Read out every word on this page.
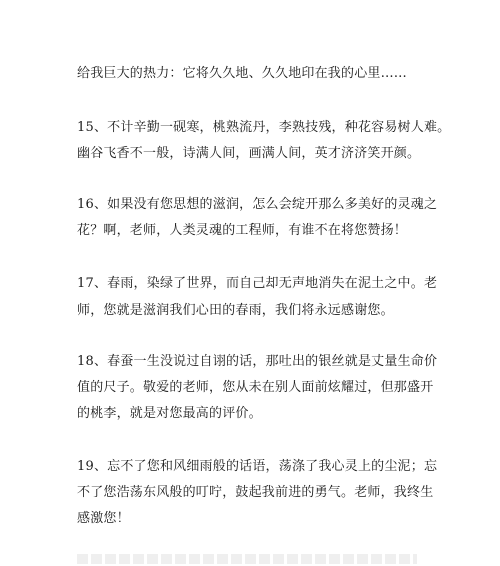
给我巨大的热力：它将久久地、久久地印在我的心里……
15、不计辛勤一砚寒，桃熟流丹，李熟技残，种花容易树人难。
幽谷飞香不一般，诗满人间，画满人间，英才济济笑开颜。
16、如果没有您思想的滋润，怎么会绽开那么多美好的灵魂之
花？啊，老师，人类灵魂的工程师，有谁不在将您赞扬！
17、春雨，染绿了世界，而自己却无声地消失在泥土之中。老
师，您就是滋润我们心田的春雨，我们将永远感谢您。
18、春蚕一生没说过自诩的话，那吐出的银丝就是丈量生命价
值的尺子。敬爱的老师，您从未在别人面前炫耀过，但那盛开
的桃李，就是对您最高的评价。
19、忘不了您和风细雨般的话语，荡涤了我心灵上的尘泥；忘
不了您浩荡东风般的叮咛，鼓起我前进的勇气。老师，我终生
感激您！
